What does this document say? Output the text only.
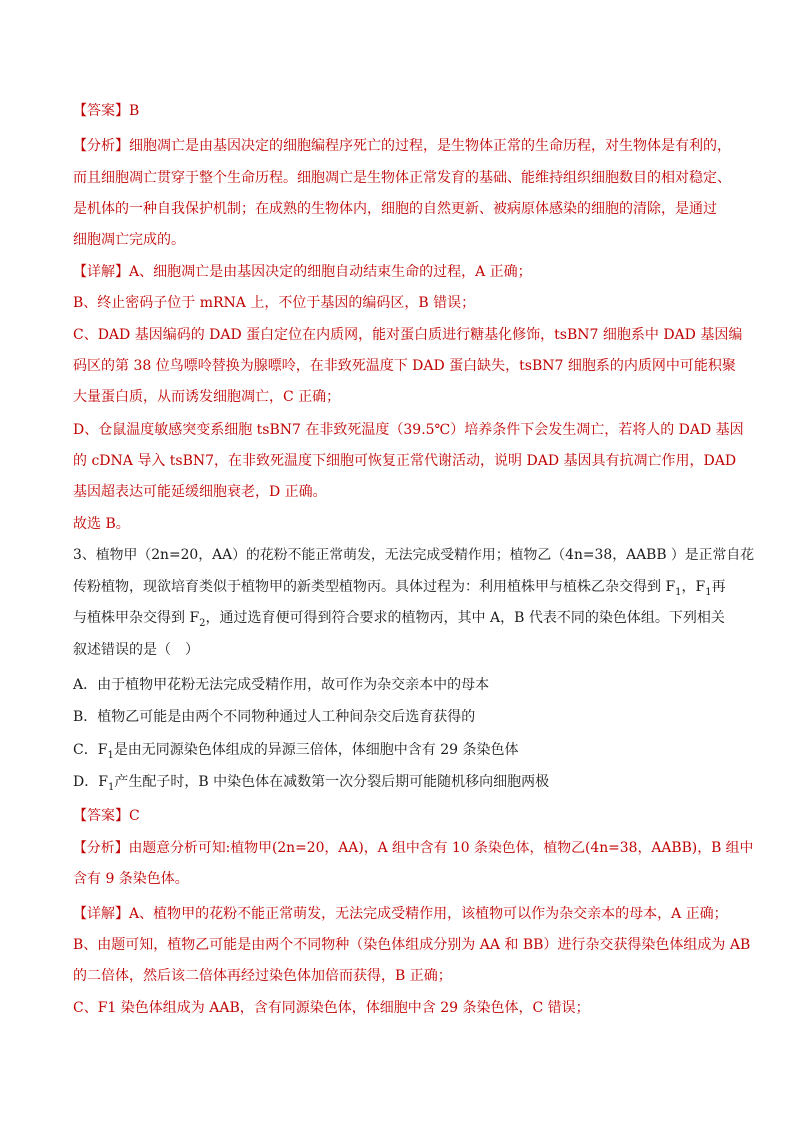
【答案】B
【分析】细胞凋亡是由基因决定的细胞编程序死亡的过程，是生物体正常的生命历程，对生物体是有利的，
而且细胞凋亡贯穿于整个生命历程。细胞凋亡是生物体正常发育的基础、能维持组织细胞数目的相对稳定、
是机体的一种自我保护机制；在成熟的生物体内，细胞的自然更新、被病原体感染的细胞的清除，是通过
细胞凋亡完成的。
【详解】A、细胞凋亡是由基因决定的细胞自动结束生命的过程，A 正确；
B、终止密码子位于 mRNA 上，不位于基因的编码区，B 错误；
C、DAD 基因编码的 DAD 蛋白定位在内质网，能对蛋白质进行糖基化修饰，tsBN7 细胞系中 DAD 基因编
码区的第 38 位鸟嘌呤替换为腺嘌呤，在非致死温度下 DAD 蛋白缺失，tsBN7 细胞系的内质网中可能积聚
大量蛋白质，从而诱发细胞凋亡，C 正确；
D、仓鼠温度敏感突变系细胞 tsBN7 在非致死温度（39.5℃）培养条件下会发生凋亡，若将人的 DAD 基因
的 cDNA 导入 tsBN7，在非致死温度下细胞可恢复正常代谢活动，说明 DAD 基因具有抗凋亡作用，DAD
基因超表达可能延缓细胞衰老，D 正确。
故选 B。
3、植物甲（2n=20，AA）的花粉不能正常萌发，无法完成受精作用；植物乙（4n=38，AABB ）是正常自花
传粉植物，现欲培育类似于植物甲的新类型植物丙。具体过程为：利用植株甲与植株乙杂交得到 $F_1$，$F_1$再
与植株甲杂交得到 $F_2$，通过选育便可得到符合要求的植物丙，其中 A，B 代表不同的染色体组。下列相关
叙述错误的是（　）
A．由于植物甲花粉无法完成受精作用，故可作为杂交亲本中的母本
B．植物乙可能是由两个不同物种通过人工种间杂交后选育获得的
C．$F_1$是由无同源染色体组成的异源三倍体，体细胞中含有 29 条染色体
D．$F_1$产生配子时，B 中染色体在减数第一次分裂后期可能随机移向细胞两极
【答案】C
【分析】由题意分析可知:植物甲(2n=20，AA)，A 组中含有 10 条染色体，植物乙(4n=38，AABB)，B 组中
含有 9 条染色体。
【详解】A、植物甲的花粉不能正常萌发，无法完成受精作用，该植物可以作为杂交亲本的母本，A 正确；
B、由题可知，植物乙可能是由两个不同物种（染色体组成分别为 AA 和 BB）进行杂交获得染色体组成为 AB
的二倍体，然后该二倍体再经过染色体加倍而获得，B 正确；
C、F1 染色体组成为 AAB，含有同源染色体，体细胞中含 29 条染色体，C 错误；
